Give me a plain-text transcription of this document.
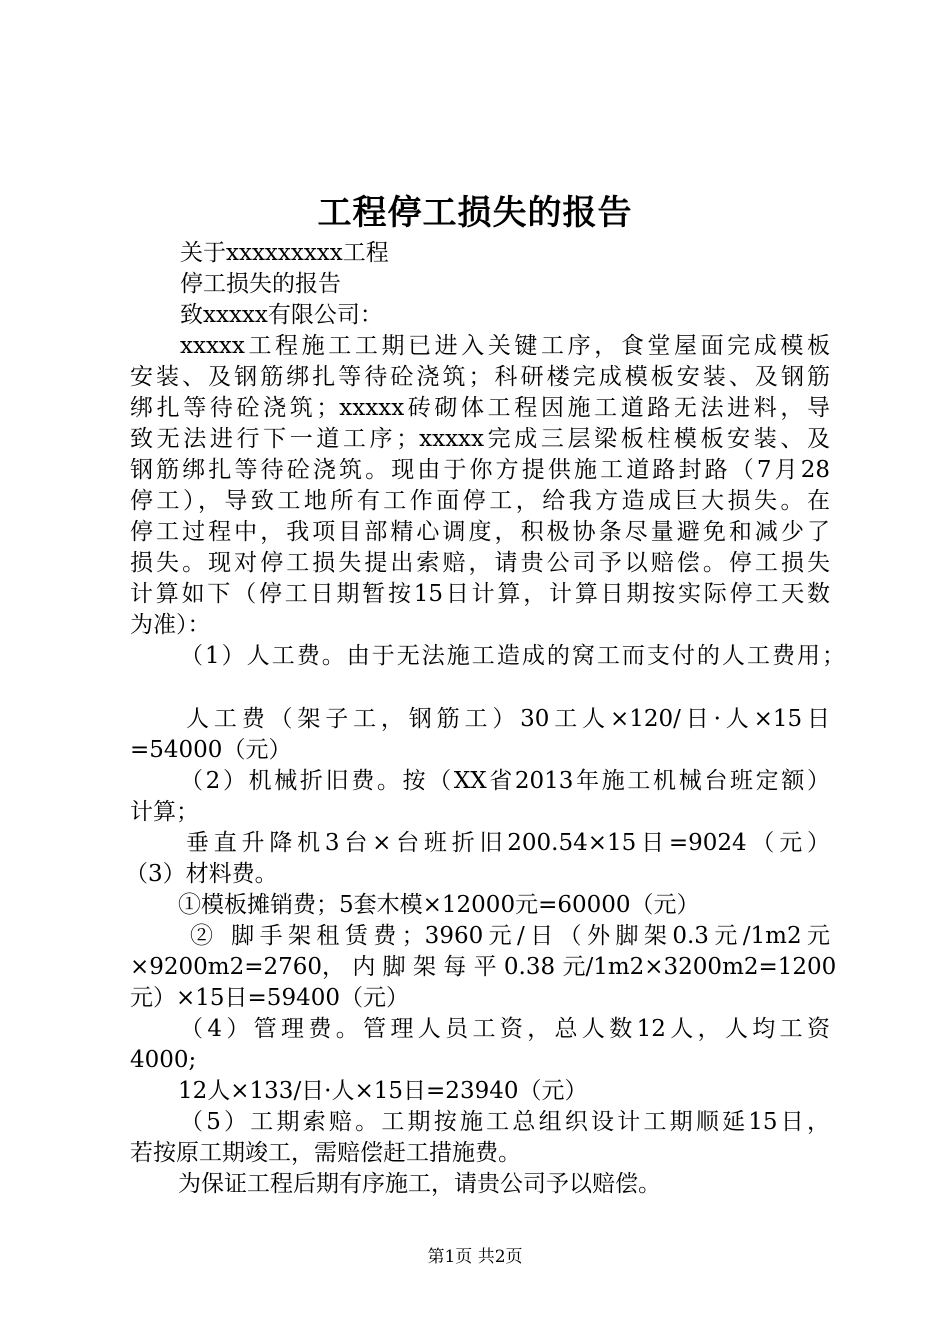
工程停工损失的报告
关于xxxxxxxxx工程
停工损失的报告
致xxxxx有限公司：
xxxxx工程施工工期已进入关键工序，食堂屋面完成模板
安装、及钢筋绑扎等待砼浇筑；科研楼完成模板安装、及钢筋
绑扎等待砼浇筑；xxxxx砖砌体工程因施工道路无法进料，导
致无法进行下一道工序；xxxxx完成三层梁板柱模板安装、及
钢筋绑扎等待砼浇筑。现由于你方提供施工道路封路（7月28
停工），导致工地所有工作面停工，给我方造成巨大损失。在
停工过程中，我项目部精心调度，积极协条尽量避免和减少了
损失。现对停工损失提出索赔，请贵公司予以赔偿。停工损失
计算如下（停工日期暂按15日计算，计算日期按实际停工天数
为准）：
（1）人工费。由于无法施工造成的窝工而支付的人工费用；
人工费（架子工，钢筋工）30工人×120/日·人×15日
=54000（元）
（2）机械折旧费。按（XX省2013年施工机械台班定额）
计算；
垂直升降机3台×台班折旧200.54×15日=9024（元）
（3）材料费。
①模板摊销费；5套木模×12000元=60000（元）
② 脚手架租赁费；3960元/日（外脚架0.3元/1m2元
×9200m2=2760， 内 脚 架 每 平 0.38 元/1m2×3200m2=1200
元）×15日=59400（元）
（4）管理费。管理人员工资，总人数12人，人均工资
4000;
12人×133/日·人×15日=23940（元）
（5）工期索赔。工期按施工总组织设计工期顺延15日，
若按原工期竣工，需赔偿赶工措施费。
为保证工程后期有序施工，请贵公司予以赔偿。
第1页 共2页
